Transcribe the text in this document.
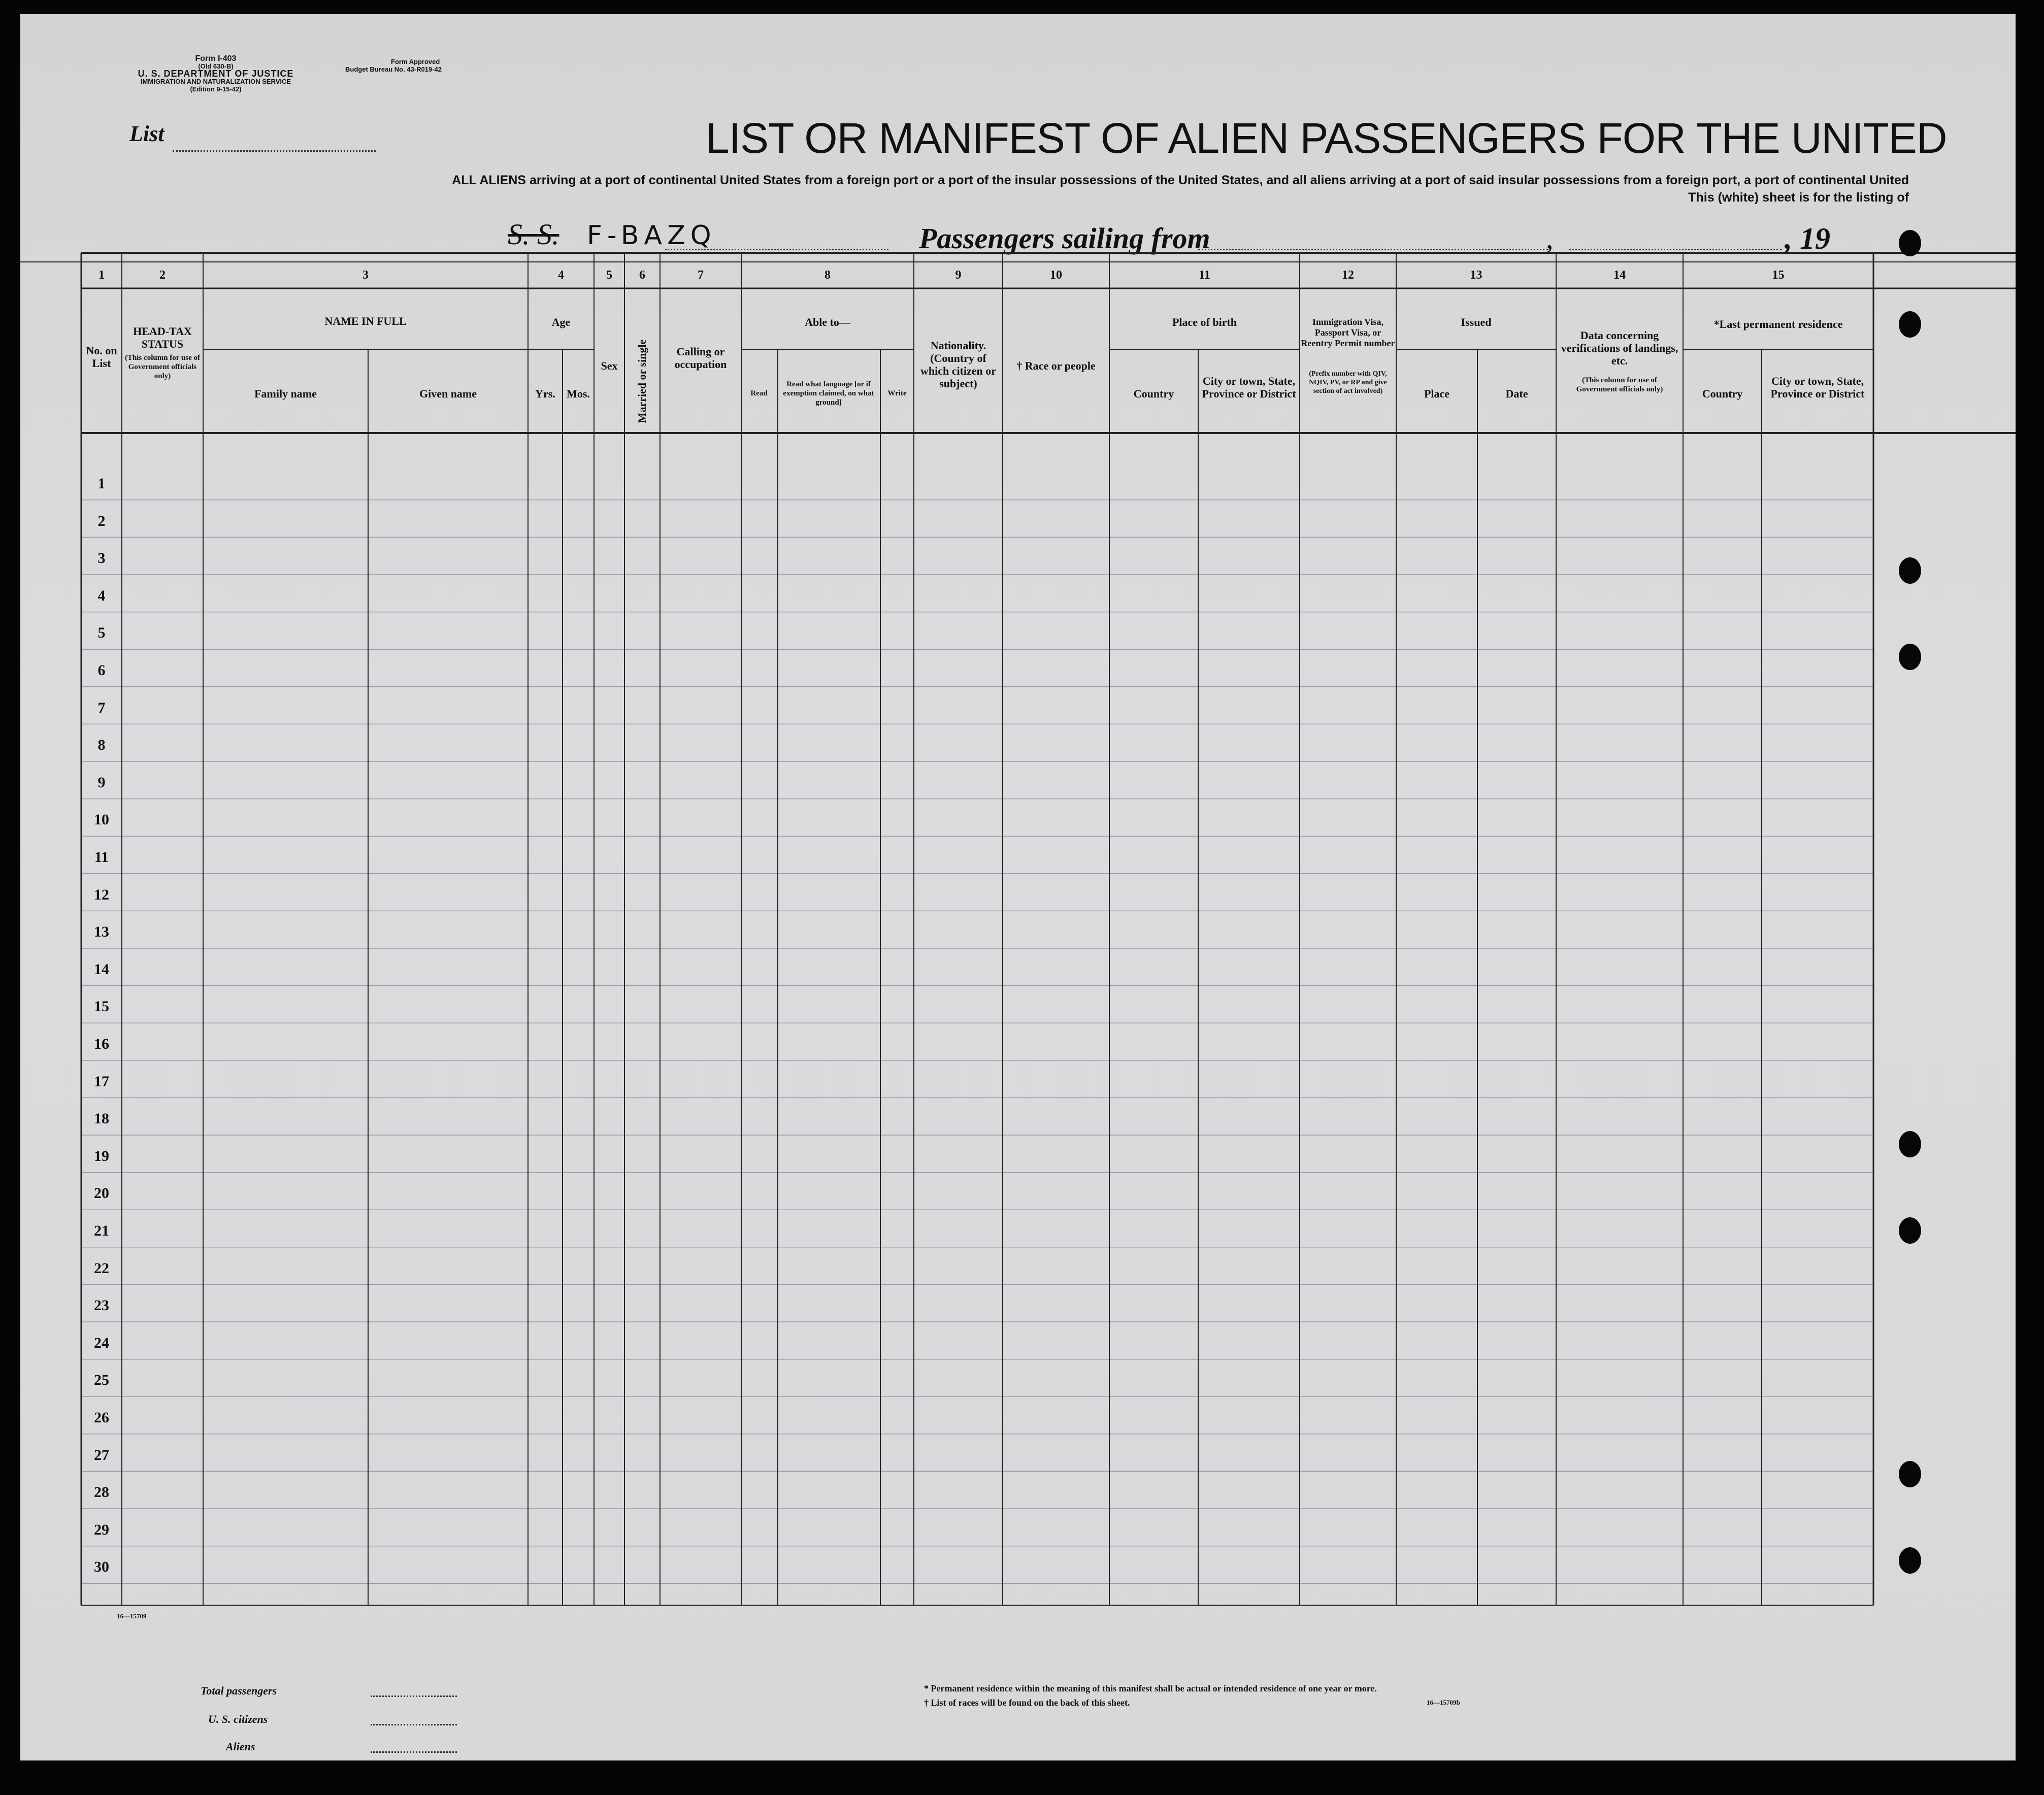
Form I-403
(Old 630-B)
U. S. DEPARTMENT OF JUSTICE
IMMIGRATION AND NATURALIZATION SERVICE
(Edition 9-15-42)
Form Approved
Budget Bureau No. 43-R019-42
List	LIST OR MANIFEST OF ALIEN PASSENGERS FOR THE UNITED
ALL ALIENS arriving at a port of continental United States from a foreign port or a port of the insular possessions of the United States, and all aliens arriving at a port of said insular possessions from a foreign port, a port of continental United
This (white) sheet is for the listing of
S. S. F-BAZQ	Passengers sailing from	,	, 19
1	2	3	4	5	6	7	8	9	10	11	12	13	14	15
No. on List
HEAD-TAX STATUS
(This column for use of Government officials only)
NAME IN FULL
Family name	Given name
Age
Yrs.	Mos.
Sex	Married or single	Calling or occupation
Able to—
Read
Read what language [or if exemption claimed, on what ground]
Write
Nationality. (Country of which citizen or subject)
† Race or people
Place of birth
Country
City or town, State, Province or District
Immigration Visa, Passport Visa, or Reentry Permit number
(Prefix number with QIV, NQIV, PV, or RP and give section of act involved)
Issued
Place	Date
Data concerning verifications of landings, etc.
(This column for use of Government officials only)
*Last permanent residence
Country
City or town, State, Province or District
1
2
3
4
5
6
7
8
9
10
11
12
13
14
15
16
17
18
19
20
21
22
23
24
25
26
27
28
29
30
16—15709
Total passengers
U. S. citizens
Aliens
* Permanent residence within the meaning of this manifest shall be actual or intended residence of one year or more.
† List of races will be found on the back of this sheet.	16—15709b
